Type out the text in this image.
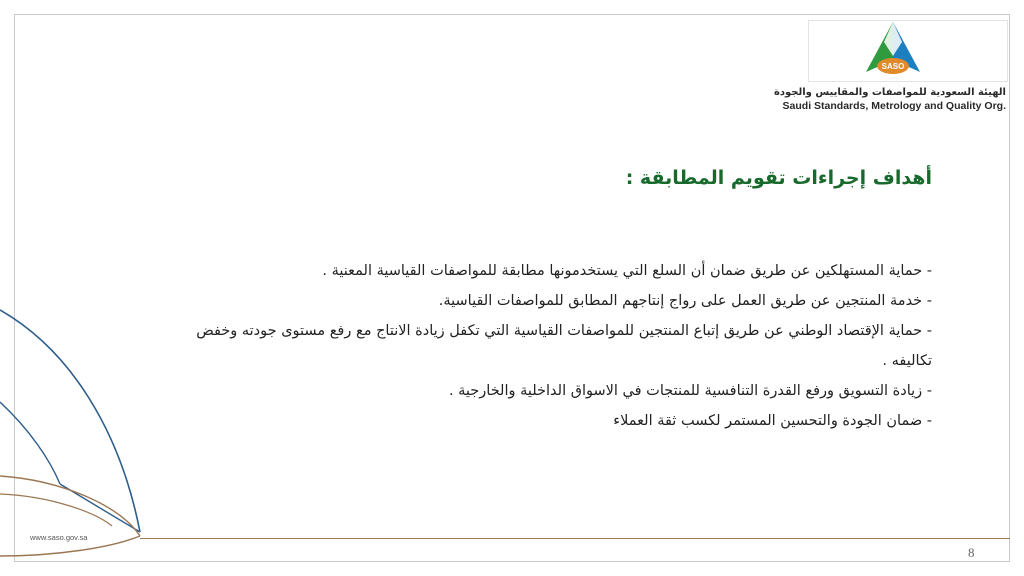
SASO
الهيئة السعودية للمواصفات والمقاييس والجودة
Saudi Standards, Metrology and Quality Org.
أهداف إجراءات تقويم المطابقة :
- حماية المستهلكين عن طريق ضمان أن السلع التي يستخدمونها مطابقة للمواصفات القياسية المعنية .
- خدمة المنتجين عن طريق العمل على رواج إنتاجهم المطابق للمواصفات القياسية.
- حماية الإقتصاد الوطني عن طريق إتباع المنتجين للمواصفات القياسية التي تكفل زيادة الانتاج مع رفع مستوى جودته وخفض تكاليفه .
- زيادة التسويق ورفع القدرة التنافسية للمنتجات في الاسواق الداخلية والخارجية .
- ضمان الجودة والتحسين المستمر لكسب ثقة العملاء
www.saso.gov.sa
8
